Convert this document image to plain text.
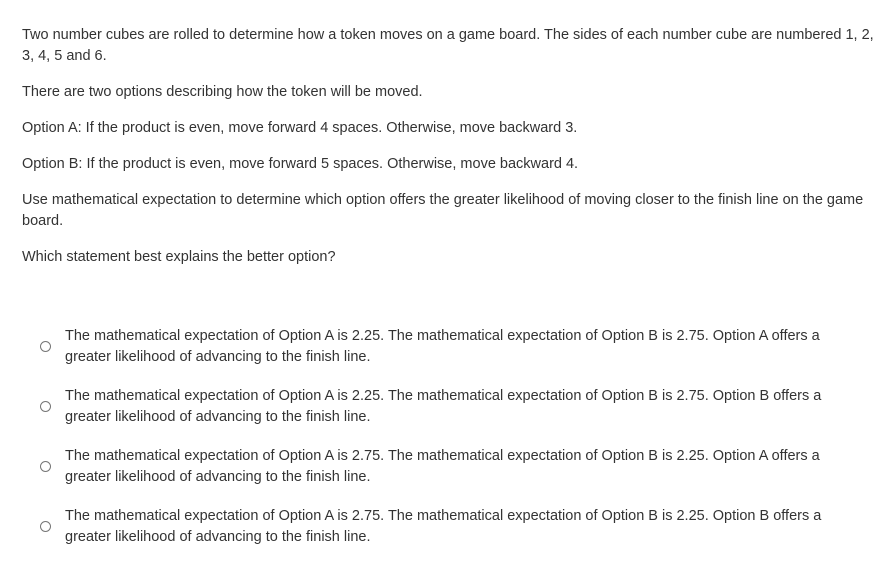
Two number cubes are rolled to determine how a token moves on a game board. The sides of each number cube are numbered 1, 2, 3, 4, 5 and 6.

There are two options describing how the token will be moved.

Option A: If the product is even, move forward 4 spaces. Otherwise, move backward 3.

Option B: If the product is even, move forward 5 spaces. Otherwise, move backward 4.

Use mathematical expectation to determine which option offers the greater likelihood of moving closer to the finish line on the game board.

Which statement best explains the better option?

The mathematical expectation of Option A is 2.25. The mathematical expectation of Option B is 2.75. Option A offers a greater likelihood of advancing to the finish line.
The mathematical expectation of Option A is 2.25. The mathematical expectation of Option B is 2.75. Option B offers a greater likelihood of advancing to the finish line.
The mathematical expectation of Option A is 2.75. The mathematical expectation of Option B is 2.25. Option A offers a greater likelihood of advancing to the finish line.
The mathematical expectation of Option A is 2.75. The mathematical expectation of Option B is 2.25. Option B offers a greater likelihood of advancing to the finish line.
